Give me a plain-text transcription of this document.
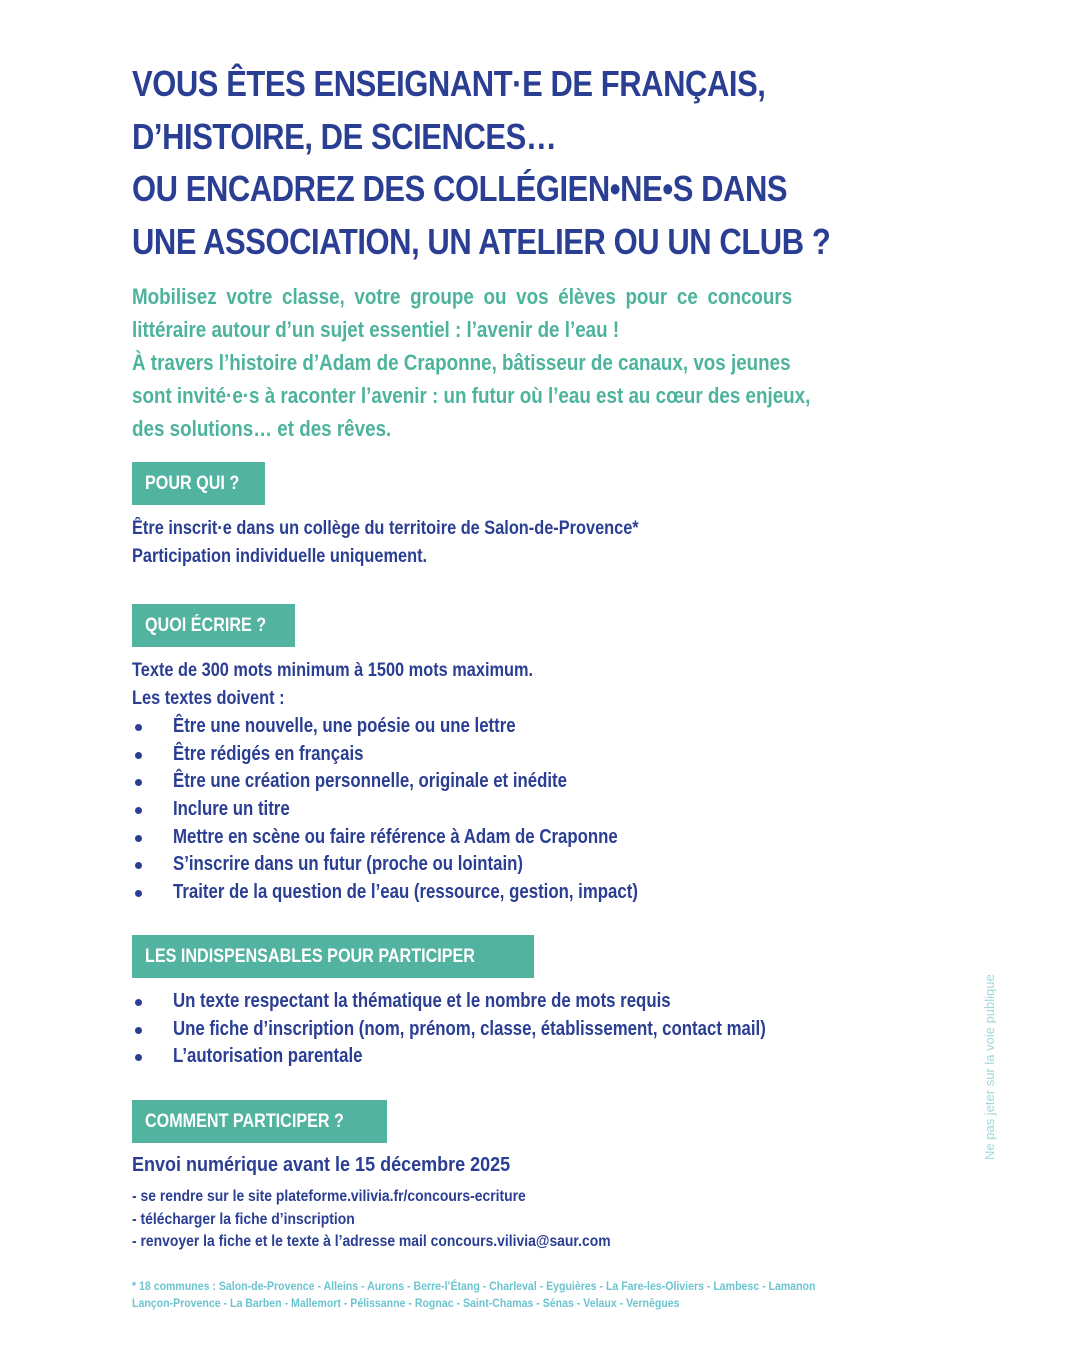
VOUS ÊTES ENSEIGNANT·E DE FRANÇAIS,
D’HISTOIRE, DE SCIENCES…
OU ENCADREZ DES COLLÉGIEN•NE•S DANS
UNE ASSOCIATION, UN ATELIER OU UN CLUB ?

Mobilisez votre classe, votre groupe ou vos élèves pour ce concours
littéraire autour d’un sujet essentiel : l’avenir de l’eau !
À travers l’histoire d’Adam de Craponne, bâtisseur de canaux, vos jeunes
sont invité·e·s à raconter l’avenir : un futur où l’eau est au cœur des enjeux,
des solutions… et des rêves.

POUR QUI ?
Être inscrit·e dans un collège du territoire de Salon-de-Provence*
Participation individuelle uniquement.
QUOI ÉCRIRE ?
Texte de 300 mots minimum à 1500 mots maximum.
Les textes doivent :
Être une nouvelle, une poésie ou une lettre
Être rédigés en français
Être une création personnelle, originale et inédite
Inclure un titre
Mettre en scène ou faire référence à Adam de Craponne
S’inscrire dans un futur (proche ou lointain)
Traiter de la question de l’eau (ressource, gestion, impact)
LES INDISPENSABLES POUR PARTICIPER
Un texte respectant la thématique et le nombre de mots requis
Une fiche d’inscription (nom, prénom, classe, établissement, contact mail)
L’autorisation parentale
COMMENT PARTICIPER ?
Envoi numérique avant le 15 décembre 2025
- se rendre sur le site plateforme.vilivia.fr/concours-ecriture
- télécharger la fiche d’inscription
- renvoyer la fiche et le texte à l’adresse mail concours.vilivia@saur.com
* 18 communes : Salon-de-Provence - Alleins - Aurons - Berre-l’Étang - Charleval - Eyguières - La Fare-les-Oliviers - Lambesc - Lamanon
Lançon-Provence - La Barben - Mallemort - Pélissanne - Rognac - Saint-Chamas - Sénas - Velaux - Vernègues
Ne pas jeter sur la voie publique
